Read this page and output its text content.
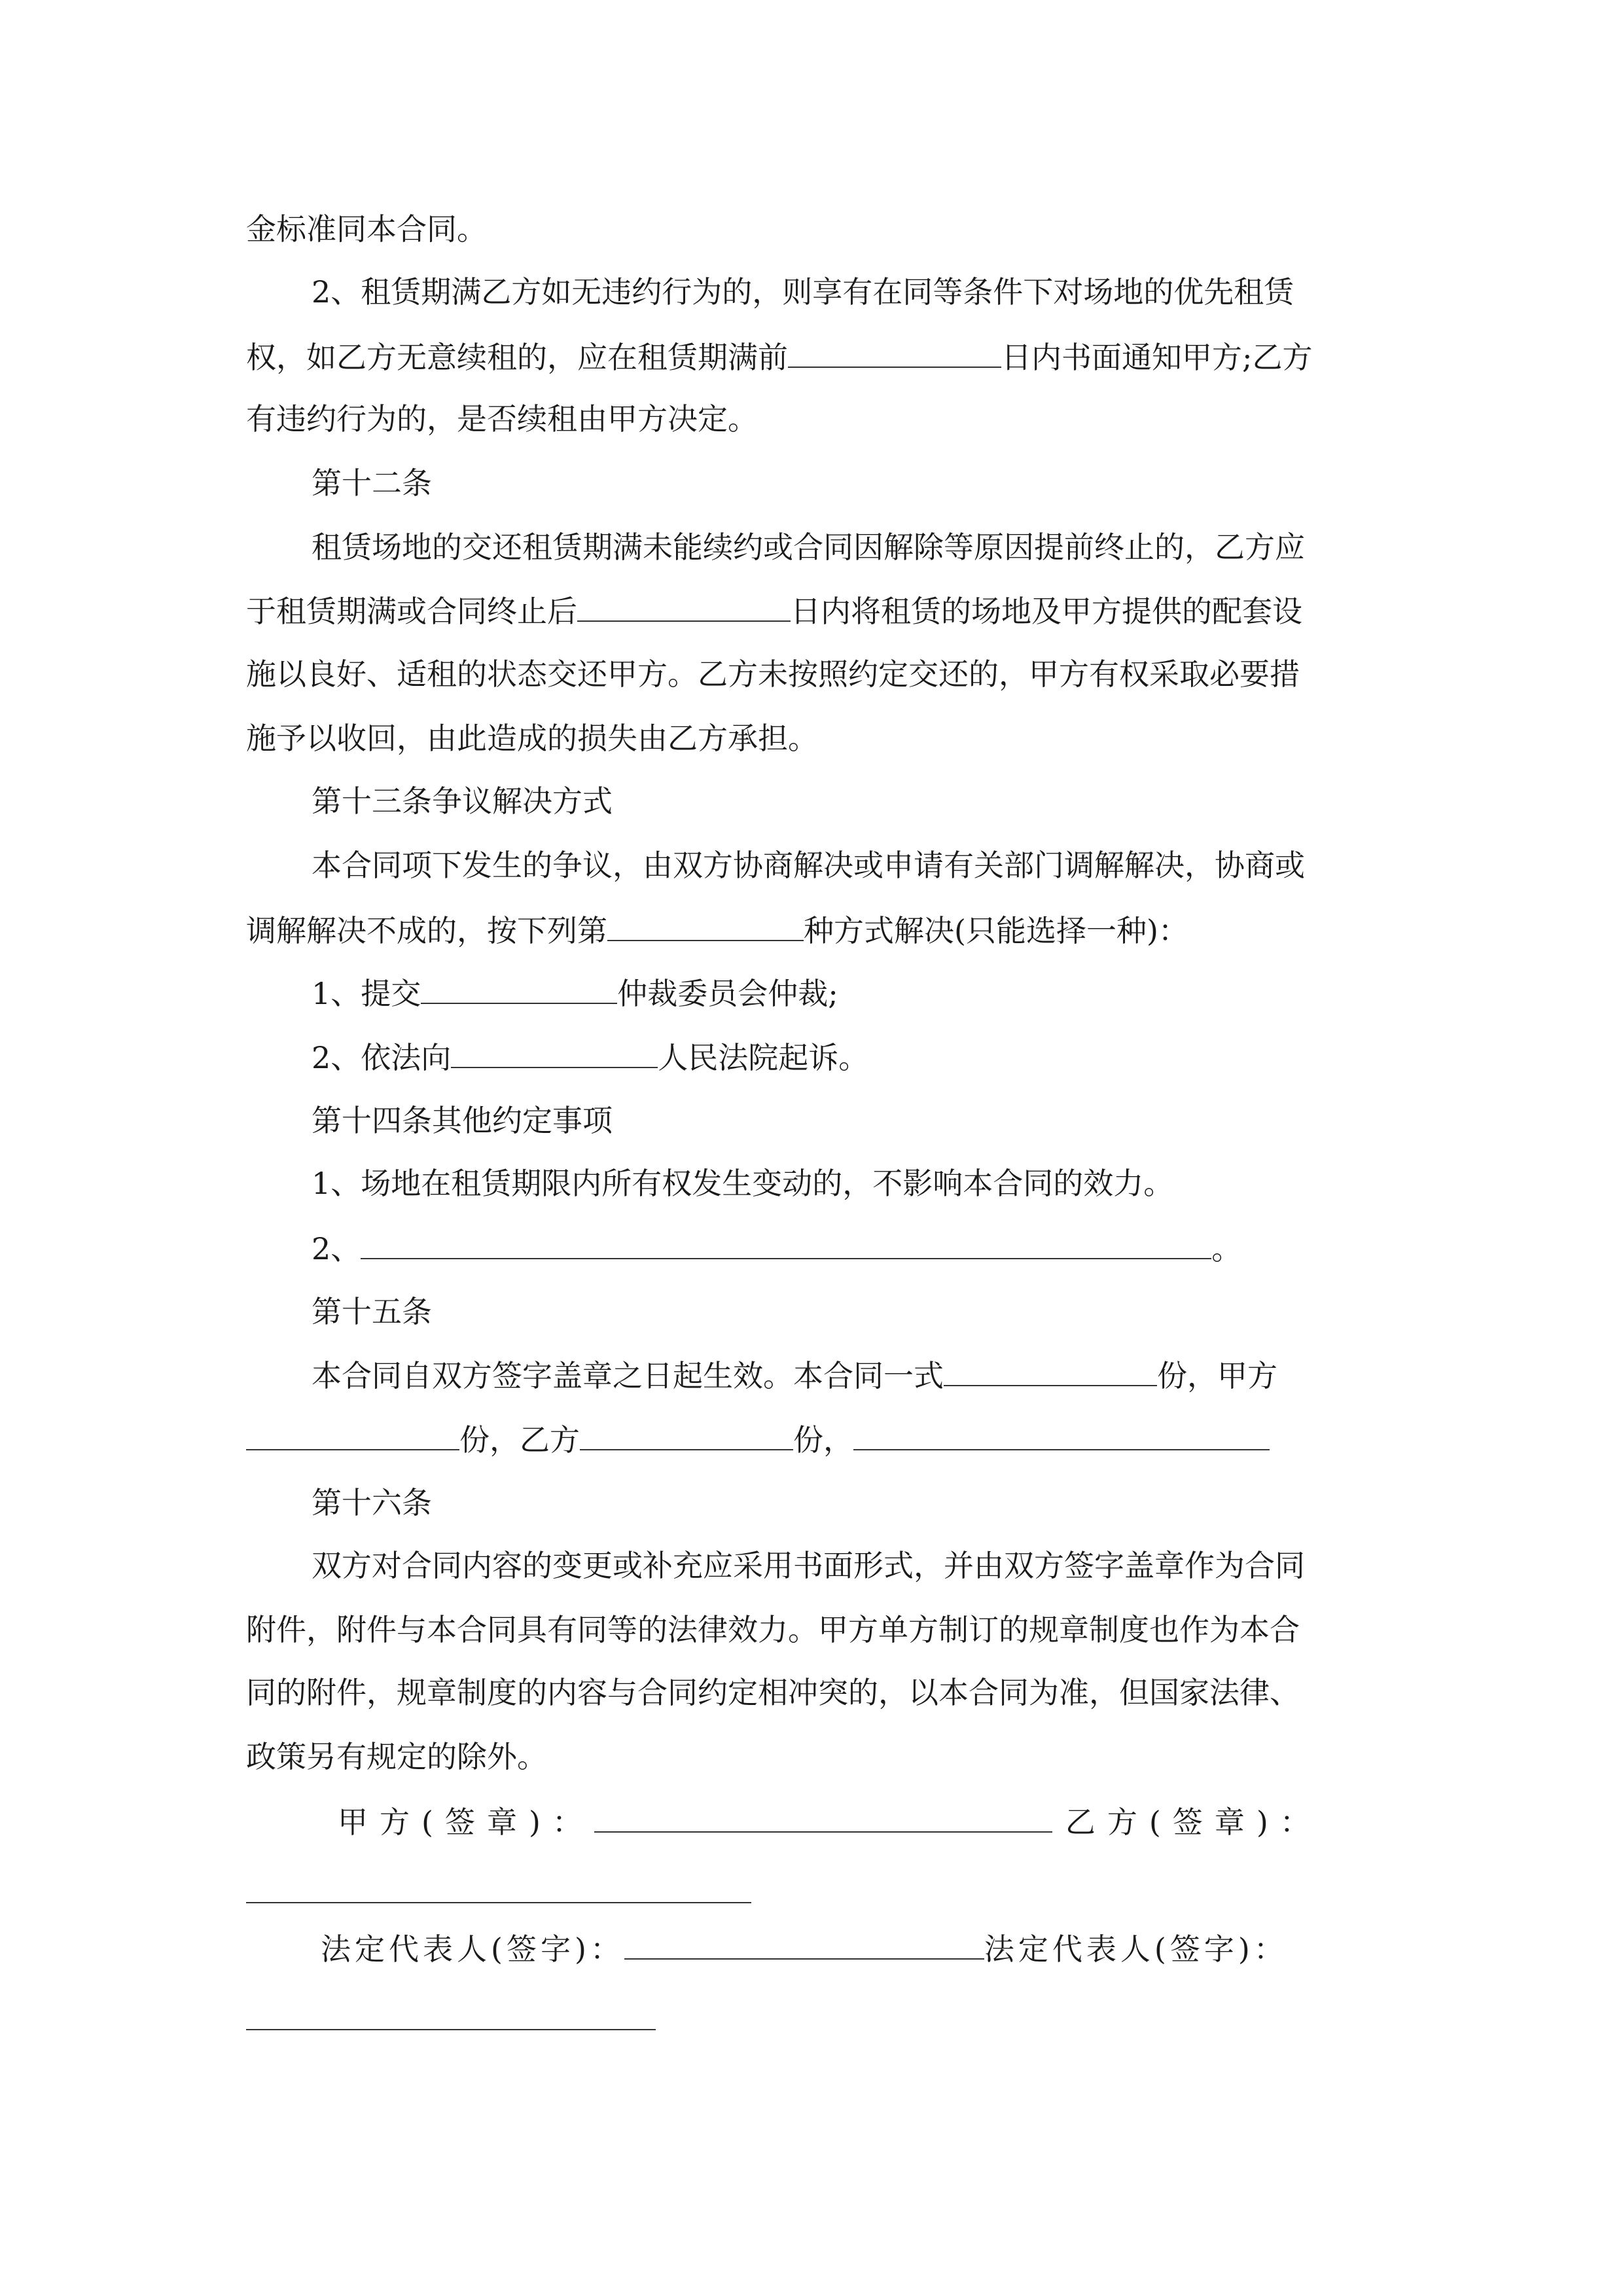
金标准同本合同。
2、租赁期满乙方如无违约行为的，则享有在同等条件下对场地的优先租赁
权，如乙方无意续租的，应在租赁期满前	日内书面通知甲方;乙方
有违约行为的，是否续租由甲方决定。
第十二条
租赁场地的交还租赁期满未能续约或合同因解除等原因提前终止的，乙方应
于租赁期满或合同终止后	日内将租赁的场地及甲方提供的配套设
施以良好、适租的状态交还甲方。乙方未按照约定交还的，甲方有权采取必要措
施予以收回，由此造成的损失由乙方承担。
第十三条争议解决方式
本合同项下发生的争议，由双方协商解决或申请有关部门调解解决，协商或
调解解决不成的，按下列第	种方式解决(只能选择一种)：
1、提交	仲裁委员会仲裁;
2、依法向	人民法院起诉。
第十四条其他约定事项
1、场地在租赁期限内所有权发生变动的，不影响本合同的效力。
2、	。
第十五条
本合同自双方签字盖章之日起生效。本合同一式	份，甲方
份，乙方	份，
第十六条
双方对合同内容的变更或补充应采用书面形式，并由双方签字盖章作为合同
附件，附件与本合同具有同等的法律效力。甲方单方制订的规章制度也作为本合
同的附件，规章制度的内容与合同约定相冲突的，以本合同为准，但国家法律、
政策另有规定的除外。
甲方(签章)：	乙方(签章)：
法定代表人(签字)：	法定代表人(签字)：
